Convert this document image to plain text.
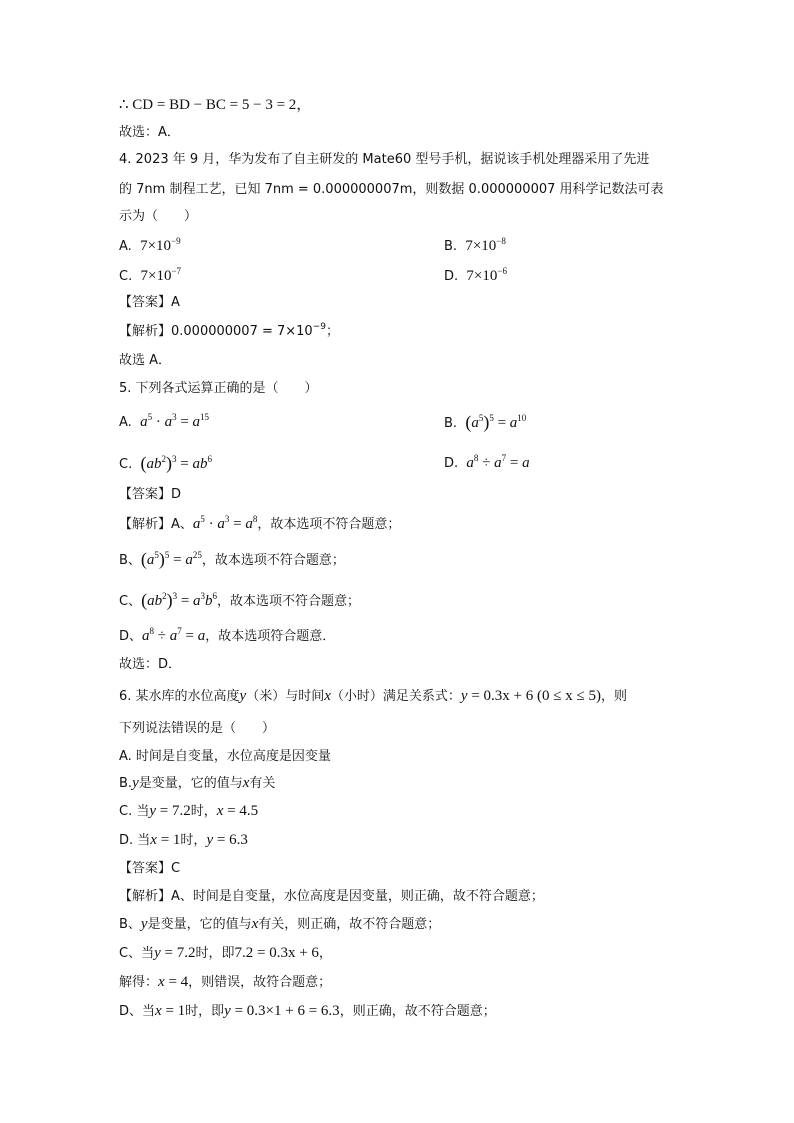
∴ CD = BD − BC = 5 − 3 = 2，
故选：A．
4. 2023 年 9 月，华为发布了自主研发的 Mate60 型号手机，据说该手机处理器采用了先进
的 7nm 制程工艺，已知 7nm = 0.000000007m，则数据 0.000000007 用科学记数法可表
示为（　　）
A. $7\times 10^{-9}$	B. $7\times 10^{-8}$
C. $7\times 10^{-7}$	D. $7\times 10^{-6}$
【答案】A
【解析】$0.000000007 = 7\times 10^{-9}$；
故选 A．
5. 下列各式运算正确的是（　　）
A. $a^5 \cdot a^3 = a^{15}$	B. $(a^5)^5 = a^{10}$
C. $(ab^2)^3 = ab^6$	D. $a^8 \div a^7 = a$
【答案】D
【解析】A、$a^5 \cdot a^3 = a^8$，故本选项不符合题意；
B、$(a^5)^5 = a^{25}$，故本选项不符合题意；
C、$(ab^2)^3 = a^3b^6$，故本选项不符合题意；
D、$a^8 \div a^7 = a$，故本选项符合题意．
故选：D．
6. 某水库的水位高度y（米）与时间x（小时）满足关系式：y = 0.3x + 6 (0 ≤ x ≤ 5)，则
下列说法错误的是（　　）
A. 时间是自变量，水位高度是因变量
B.y是变量，它的值与x有关
C. 当y = 7.2时，x = 4.5
D. 当x = 1时，y = 6.3
【答案】C
【解析】A、时间是自变量，水位高度是因变量，则正确，故不符合题意；
B、y是变量，它的值与x有关，则正确，故不符合题意；
C、当y = 7.2时，即7.2 = 0.3x + 6，
解得：x = 4，则错误，故符合题意；
D、当x = 1时，即y = 0.3×1 + 6 = 6.3，则正确，故不符合题意；
